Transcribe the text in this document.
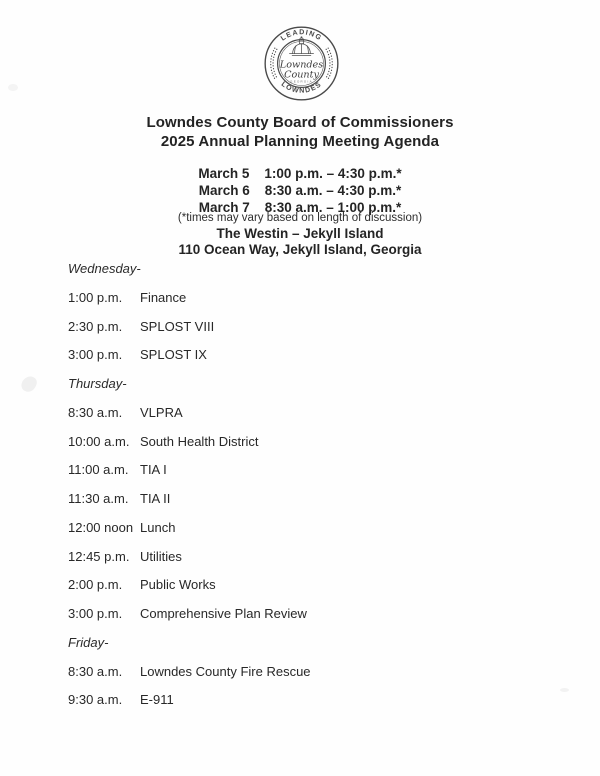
LEADING
LOWNDES
Lowndes
County
GEORGIA
Lowndes County Board of Commissioners
2025 Annual Planning Meeting Agenda
March 5 1:00 p.m. – 4:30 p.m.*
March 6 8:30 a.m. – 4:30 p.m.*
March 7 8:30 a.m. – 1:00 p.m.*
(*times may vary based on length of discussion)
The Westin – Jekyll Island
110 Ocean Way, Jekyll Island, Georgia
Wednesday-
1:00 p.m.	Finance
2:30 p.m.	SPLOST VIII
3:00 p.m.	SPLOST IX
Thursday-
8:30 a.m.	VLPRA
10:00 a.m. South Health District
11:00 a.m. TIA I
11:30 a.m. TIA II
12:00 noon Lunch
12:45 p.m. Utilities
2:00 p.m.	Public Works
3:00 p.m.	Comprehensive Plan Review
Friday-
8:30 a.m.	Lowndes County Fire Rescue
9:30 a.m.	E-911
